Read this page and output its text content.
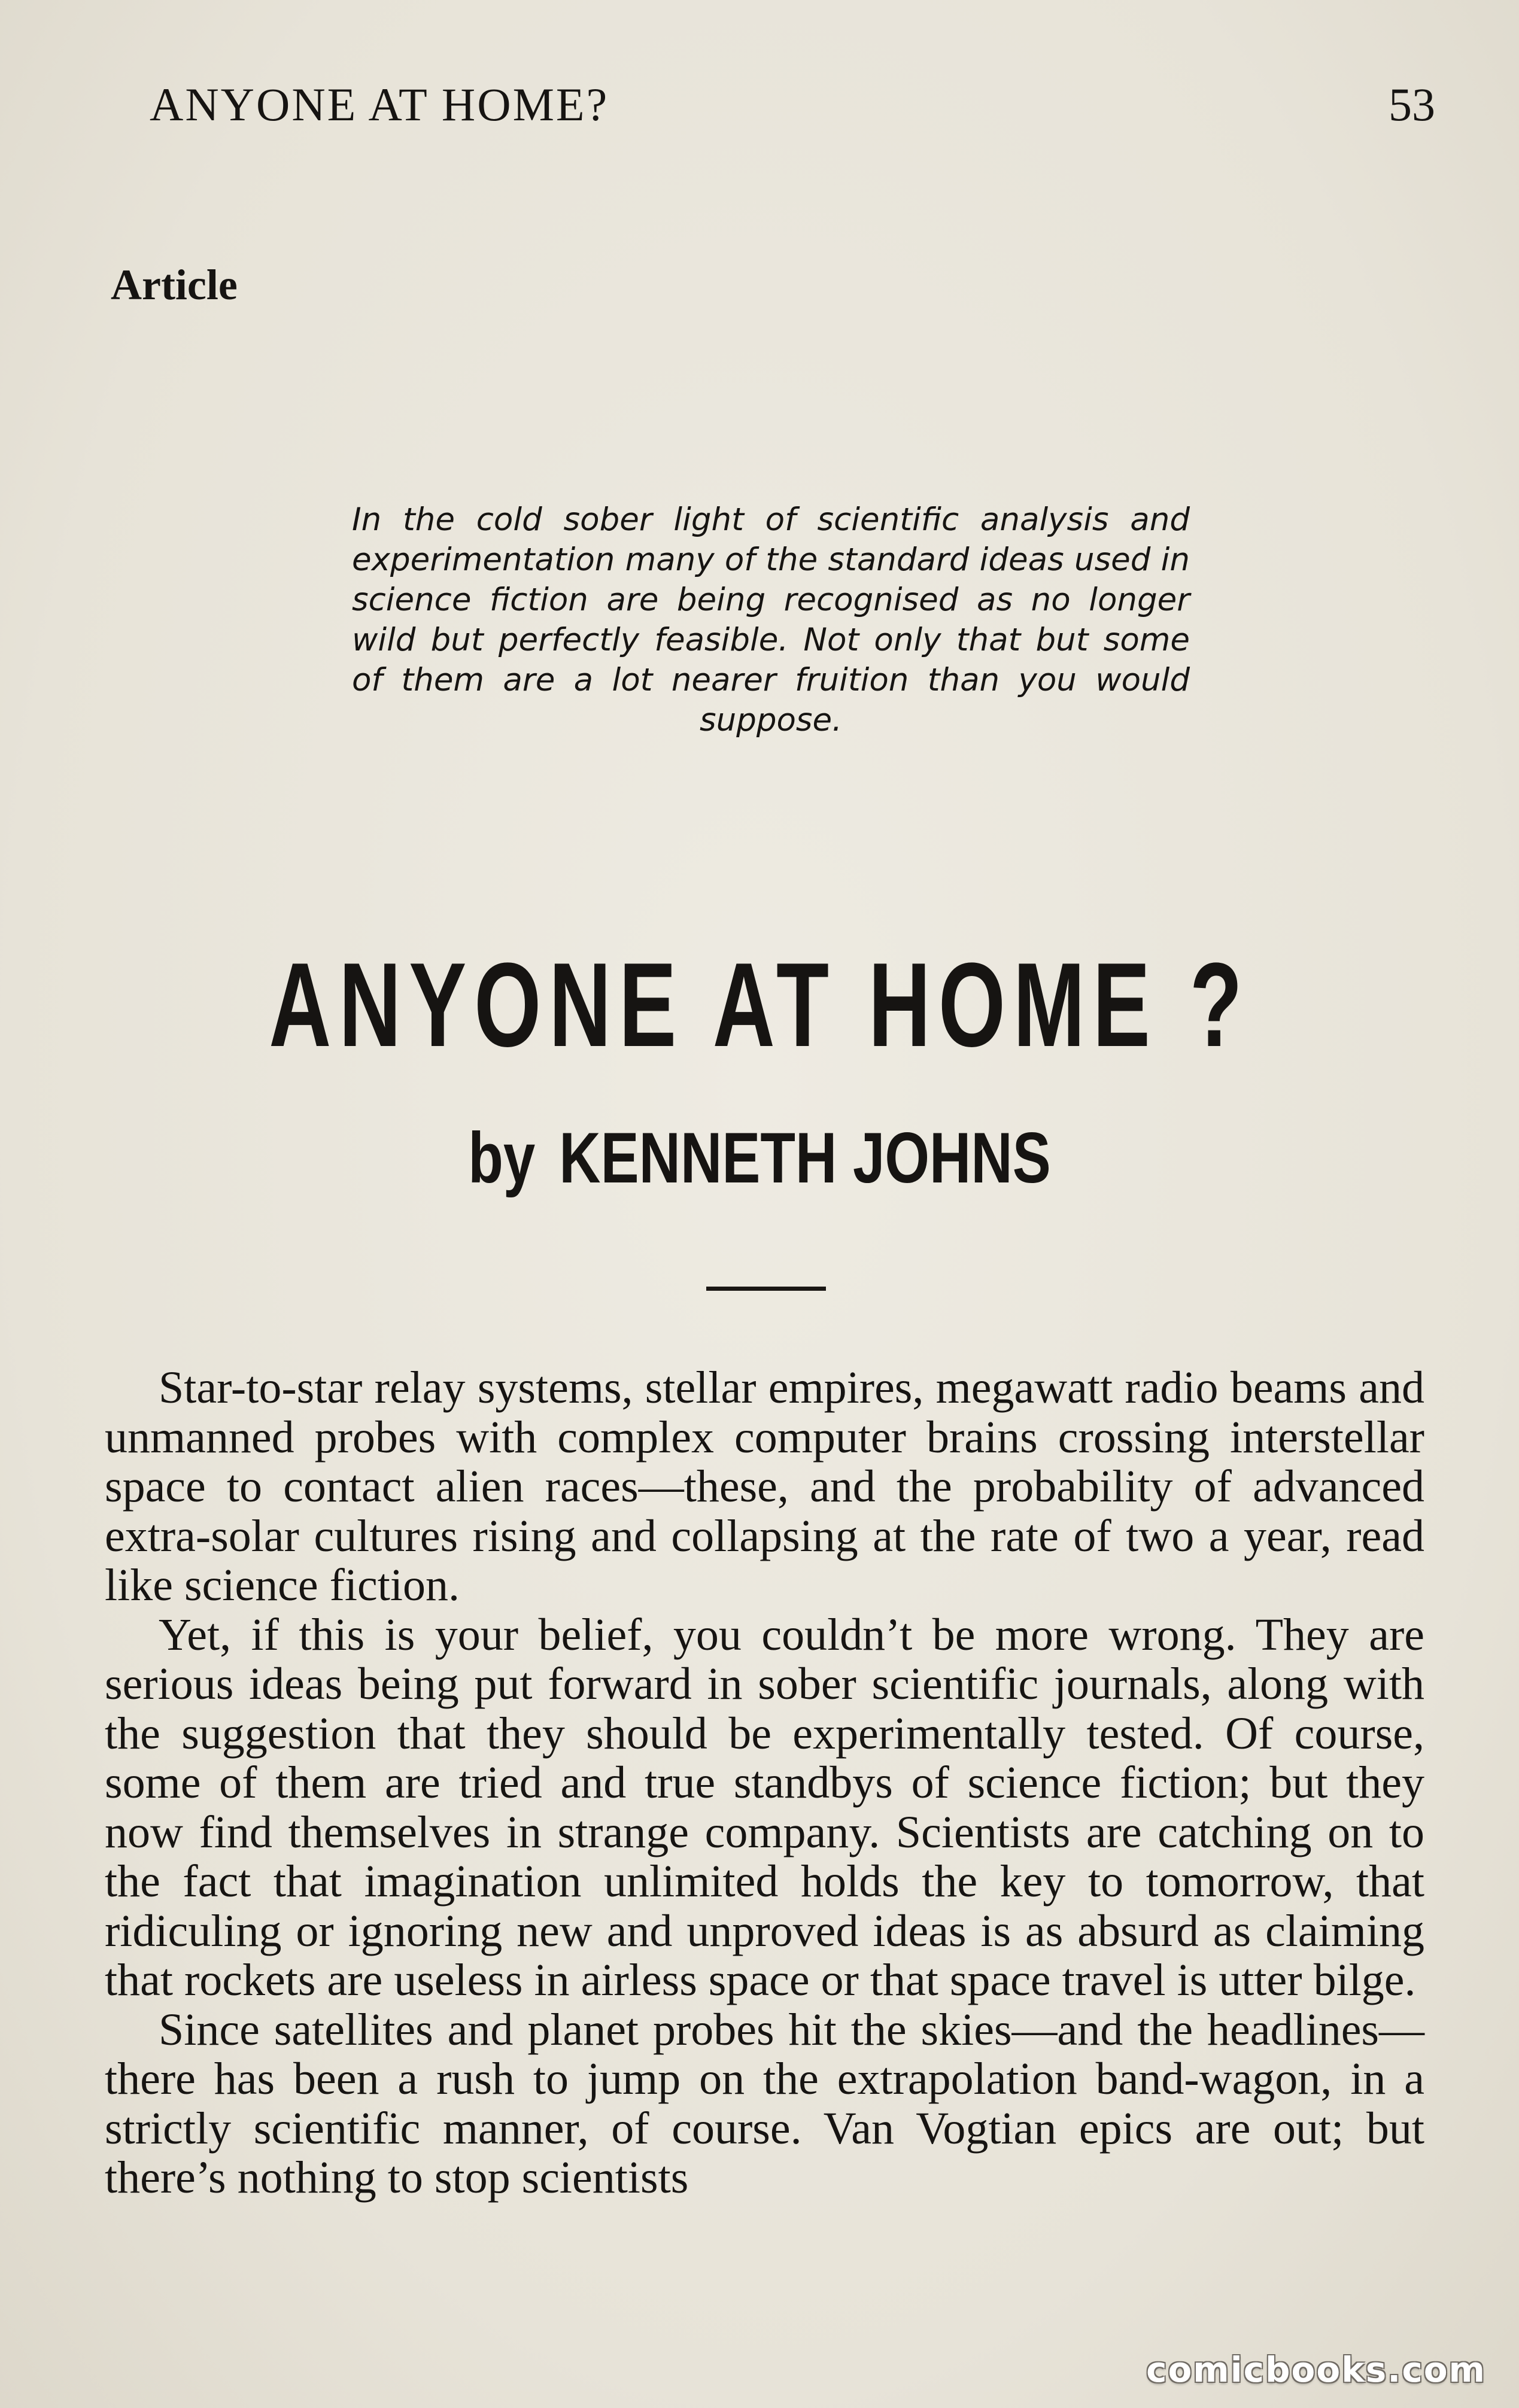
ANYONE AT HOME?	53
Article
In the cold sober light of scientific analysis and experimentation many of the standard ideas used in science fiction are being recognised as no longer wild but perfectly feasible. Not only that but some of them are a lot nearer fruition than you would suppose.
ANYONE AT HOME ?
by KENNETH JOHNS

Star-to-star relay systems, stellar empires, megawatt radio beams and unmanned probes with complex computer brains crossing interstellar space to contact alien races—these, and the probability of advanced extra-solar cultures rising and collapsing at the rate of two a year, read like science fiction.

Yet, if this is your belief, you couldn’t be more wrong. They are serious ideas being put forward in sober scientific journals, along with the suggestion that they should be experimentally tested. Of course, some of them are tried and true standbys of science fiction; but they now find themselves in strange company. Scientists are catching on to the fact that imagination unlimited holds the key to tomorrow, that ridiculing or ignoring new and unproved ideas is as absurd as claiming that rockets are useless in airless space or that space travel is utter bilge.

Since satellites and planet probes hit the skies—and the headlines—there has been a rush to jump on the extrapolation band-wagon, in a strictly scientific manner, of course. Van Vogtian epics are out; but there’s nothing to stop scientists

comicbooks.com
